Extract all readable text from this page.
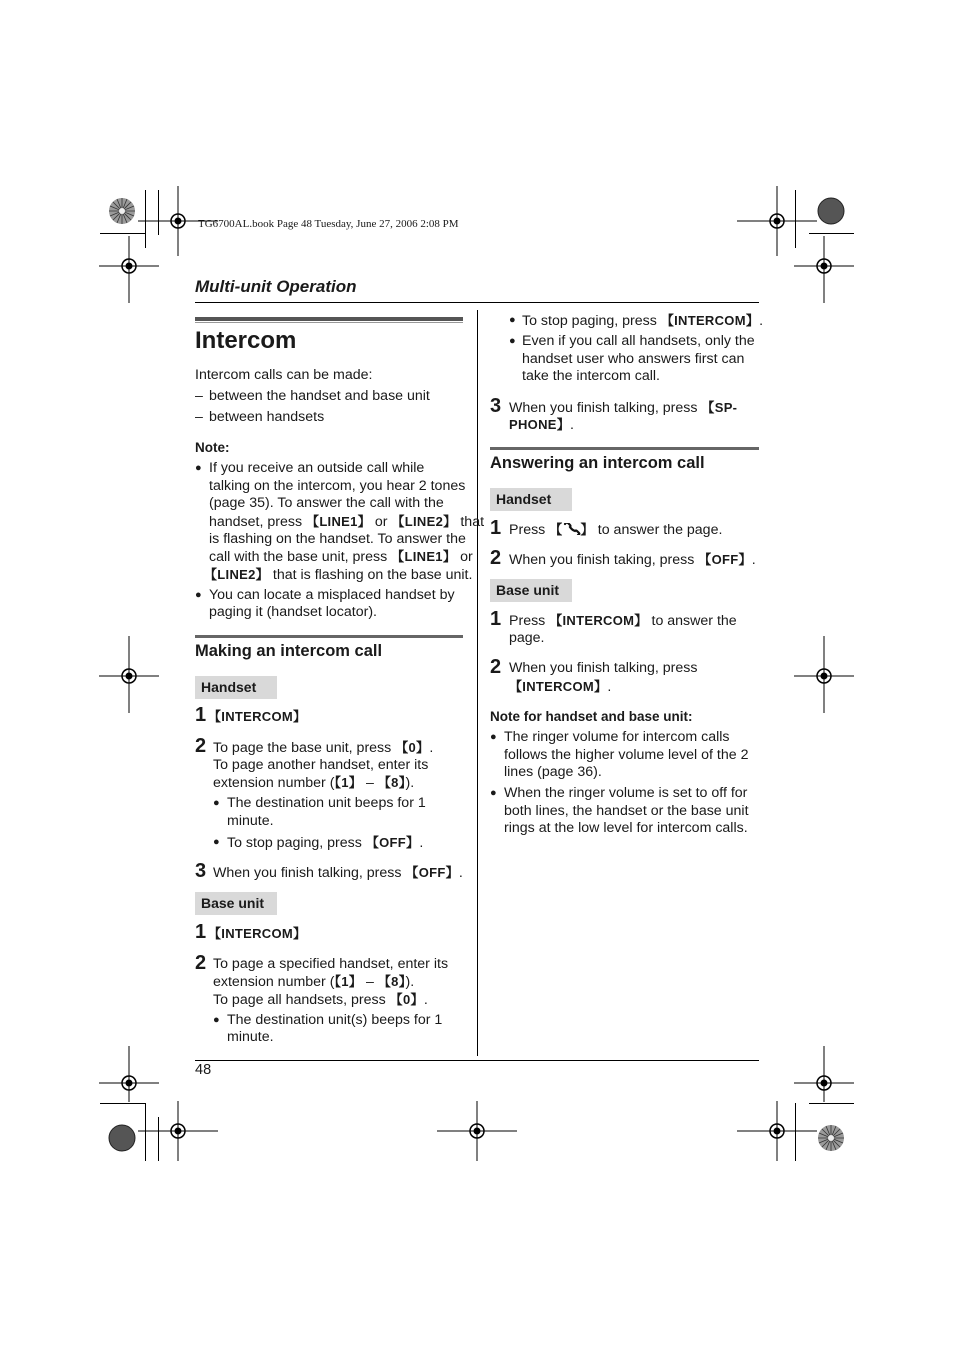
TG6700AL.book Page 48 Tuesday, June 27, 2006 2:08 PM
Multi-unit Operation
Intercom
Intercom calls can be made:
– between the handset and base unit
– between handsets
Note:
● If you receive an outside call while
talking on the intercom, you hear 2 tones
(page 35). To answer the call with the
handset, press 【LINE1】 or 【LINE2】 that
is flashing on the handset. To answer the
call with the base unit, press 【LINE1】 or
【LINE2】 that is flashing on the base unit.
● You can locate a misplaced handset by
paging it (handset locator).
Making an intercom call
Handset
1 【INTERCOM】
2 To page the base unit, press 【0】.
To page another handset, enter its
extension number (【1】 – 【8】).
● The destination unit beeps for 1
minute.
● To stop paging, press 【OFF】.
3 When you finish talking, press 【OFF】.
Base unit
1 【INTERCOM】
2 To page a specified handset, enter its
extension number (【1】 – 【8】).
To page all handsets, press 【0】.
● The destination unit(s) beeps for 1
minute.
● To stop paging, press 【INTERCOM】.
● Even if you call all handsets, only the
handset user who answers first can
take the intercom call.
3 When you finish talking, press 【SP-
PHONE】.
Answering an intercom call
Handset
1 Press 【 】 to answer the page.
2 When you finish taking, press 【OFF】.
Base unit
1 Press 【INTERCOM】 to answer the
page.
2 When you finish talking, press
【INTERCOM】.
Note for handset and base unit:
● The ringer volume for intercom calls
follows the higher volume level of the 2
lines (page 36).
● When the ringer volume is set to off for
both lines, the handset or the base unit
rings at the low level for intercom calls.
48
